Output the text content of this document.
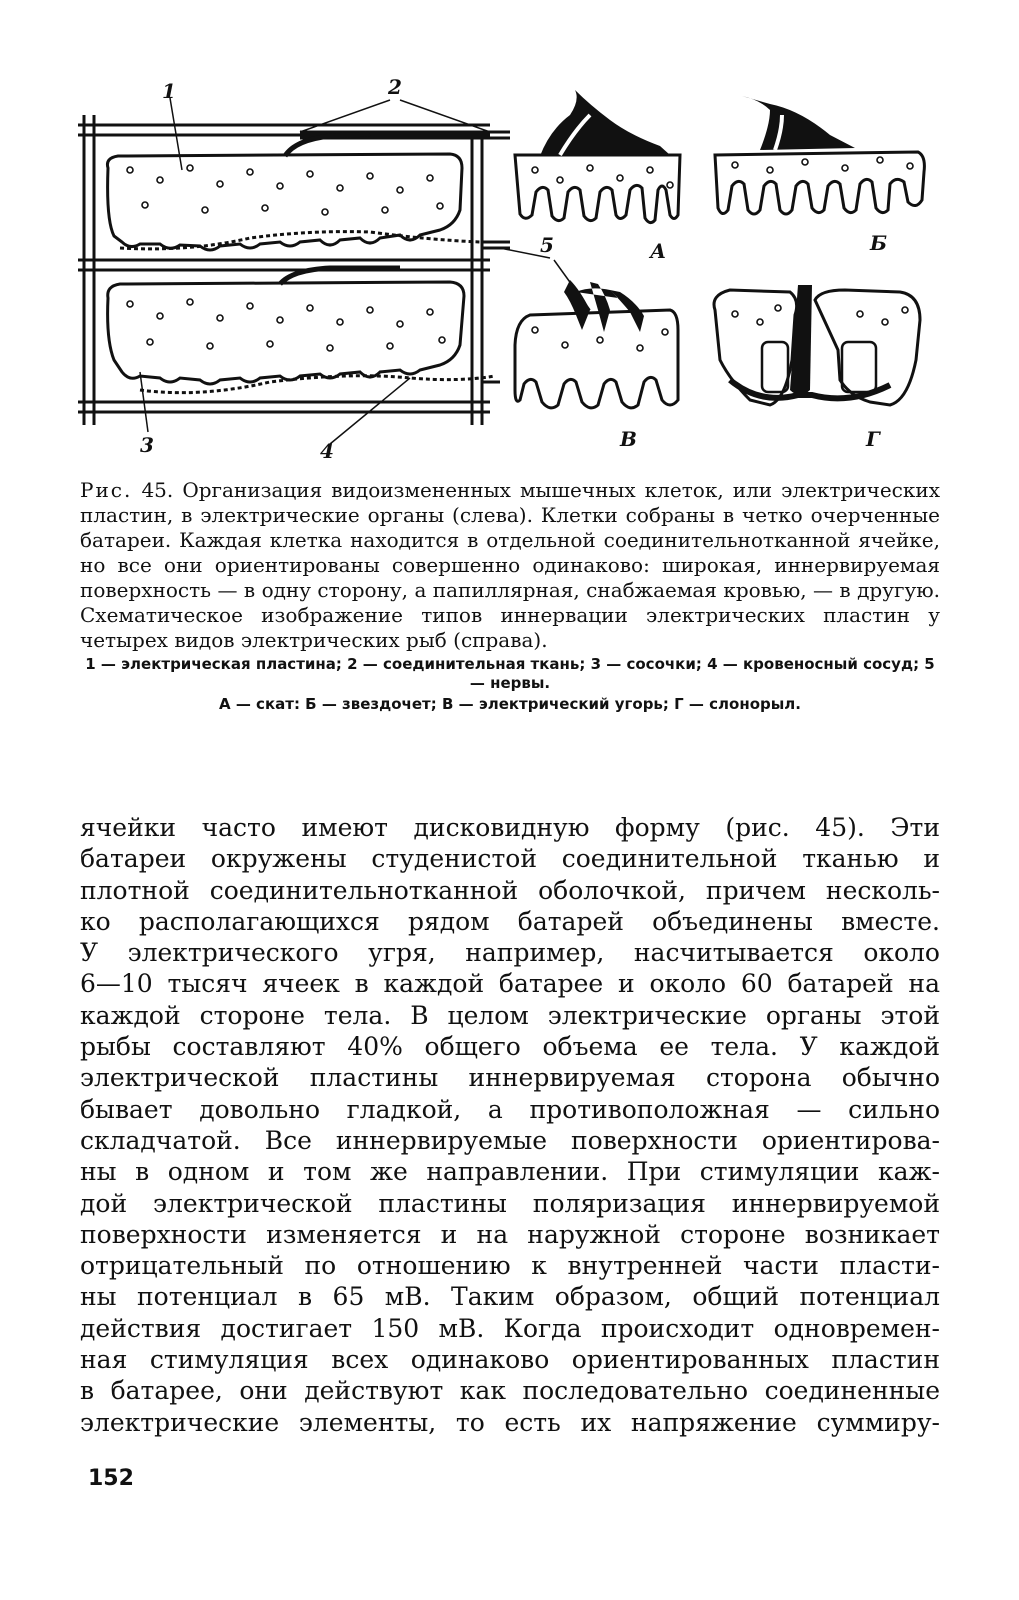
1	2
3	4
5	А	Б
В	Г
Рис. 45. Организация видоизмененных мышечных клеток, или электрических пластин, в электрические органы (слева). Клетки собраны в четко очерченные батареи. Каждая клетка находится в отдельной соединительнотканной ячейке, но все они ориентированы совершенно одинаково: широкая, иннервируемая поверхность — в одну сторону, а папиллярная, снабжаемая кровью, — в другую. Схематическое изображение типов иннервации электрических пластин у четырех видов электрических рыб (справа).
1 — электрическая пластина; 2 — соединительная ткань; 3 — сосочки; 4 — кровеносный сосуд; 5 — нервы.
А — скат: Б — звездочет; В — электрический угорь; Г — слонорыл.

ячейки часто имеют дисковидную форму (рис. 45). Эти

батареи окружены студенистой соединительной тканью и

плотной соединительнотканной оболочкой, причем несколь-

ко располагающихся рядом батарей объединены вместе.

У электрического угря, например, насчитывается около

6—10 тысяч ячеек в каждой батарее и около 60 батарей на

каждой стороне тела. В целом электрические органы этой

рыбы составляют 40% общего объема ее тела. У каждой

электрической пластины иннервируемая сторона обычно

бывает довольно гладкой, а противоположная — сильно

складчатой. Все иннервируемые поверхности ориентирова-

ны в одном и том же направлении. При стимуляции каж-

дой электрической пластины поляризация иннервируемой

поверхности изменяется и на наружной стороне возникает

отрицательный по отношению к внутренней части пласти-

ны потенциал в 65 мВ. Таким образом, общий потенциал

действия достигает 150 мВ. Когда происходит одновремен-

ная стимуляция всех одинаково ориентированных пластин

в батарее, они действуют как последовательно соединенные

электрические элементы, то есть их напряжение суммиру-

152
